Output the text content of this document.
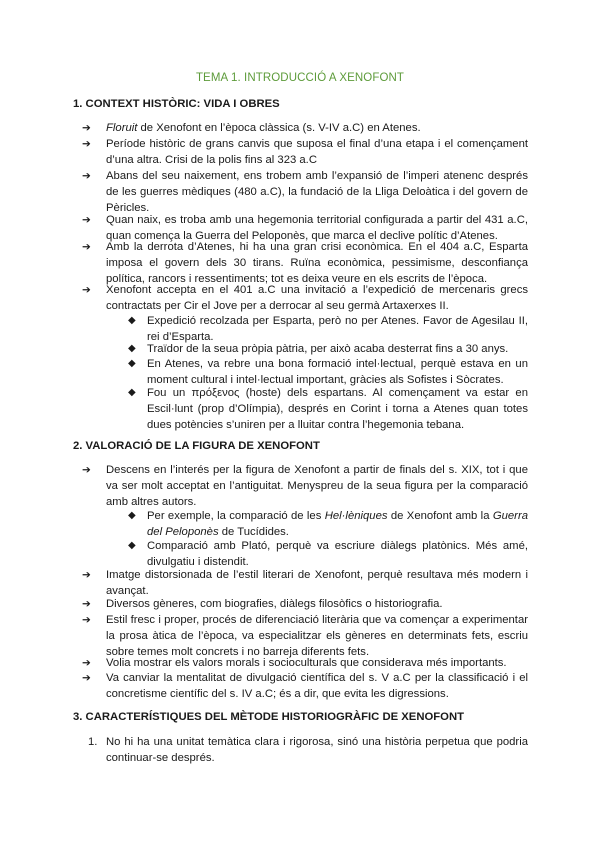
TEMA 1. INTRODUCCIÓ A XENOFONT
1. CONTEXT HISTÒRIC: VIDA I OBRES
➔ Floruit de Xenofont en l’època clàssica (s. V-IV a.C) en Atenes.
➔ Període històric de grans canvis que suposa el final d’una etapa i el començament d’una altra. Crisi de la polis fins al 323 a.C
➔ Abans del seu naixement, ens trobem amb l’expansió de l’imperi atenenc després de les guerres mèdiques (480 a.C), la fundació de la Lliga Deloàtica i del govern de Pèricles.
➔ Quan naix, es troba amb una hegemonia territorial configurada a partir del 431 a.C, quan comença la Guerra del Peloponès, que marca el declive polític d’Atenes.
➔ Amb la derrota d’Atenes, hi ha una gran crisi econòmica. En el 404 a.C, Esparta imposa el govern dels 30 tirans. Ruïna econòmica, pessimisme, desconfiança política, rancors i ressentiments; tot es deixa veure en els escrits de l’època.
➔ Xenofont accepta en el 401 a.C una invitació a l’expedició de mercenaris grecs contractats per Cir el Jove per a derrocar al seu germà Artaxerxes II.
◆ Expedició recolzada per Esparta, però no per Atenes. Favor de Agesilau II, rei d’Esparta.
◆ Traïdor de la seua pròpia pàtria, per això acaba desterrat fins a 30 anys.
◆ En Atenes, va rebre una bona formació intel·lectual, perquè estava en un moment cultural i intel·lectual important, gràcies als Sofistes i Sòcrates.
◆ Fou un πρόξενος (hoste) dels espartans. Al començament va estar en Escil·lunt (prop d’Olímpia), després en Corint i torna a Atenes quan totes dues potències s’uniren per a lluitar contra l’hegemonia tebana.
2. VALORACIÓ DE LA FIGURA DE XENOFONT
➔ Descens en l’interés per la figura de Xenofont a partir de finals del s. XIX, tot i que va ser molt acceptat en l’antiguitat. Menyspreu de la seua figura per la comparació amb altres autors.
◆ Per exemple, la comparació de les Hel·lèniques de Xenofont amb la Guerra del Peloponès de Tucídides.
◆ Comparació amb Plató, perquè va escriure diàlegs platònics. Més amé, divulgatiu i distendit.
➔ Imatge distorsionada de l’estil literari de Xenofont, perquè resultava més modern i avançat.
➔ Diversos gèneres, com biografies, diàlegs filosòfics o historiografia.
➔ Estil fresc i proper, procés de diferenciació literària que va començar a experimentar la prosa àtica de l’època, va especialitzar els gèneres en determinats fets, escriu sobre temes molt concrets i no barreja diferents fets.
➔ Volia mostrar els valors morals i socioculturals que considerava més importants.
➔ Va canviar la mentalitat de divulgació científica del s. V a.C per la classificació i el concretisme científic del s. IV a.C; és a dir, que evita les digressions.
3. CARACTERÍSTIQUES DEL MÈTODE HISTORIOGRÀFIC DE XENOFONT
1. No hi ha una unitat temàtica clara i rigorosa, sinó una història perpetua que podria continuar-se després.
